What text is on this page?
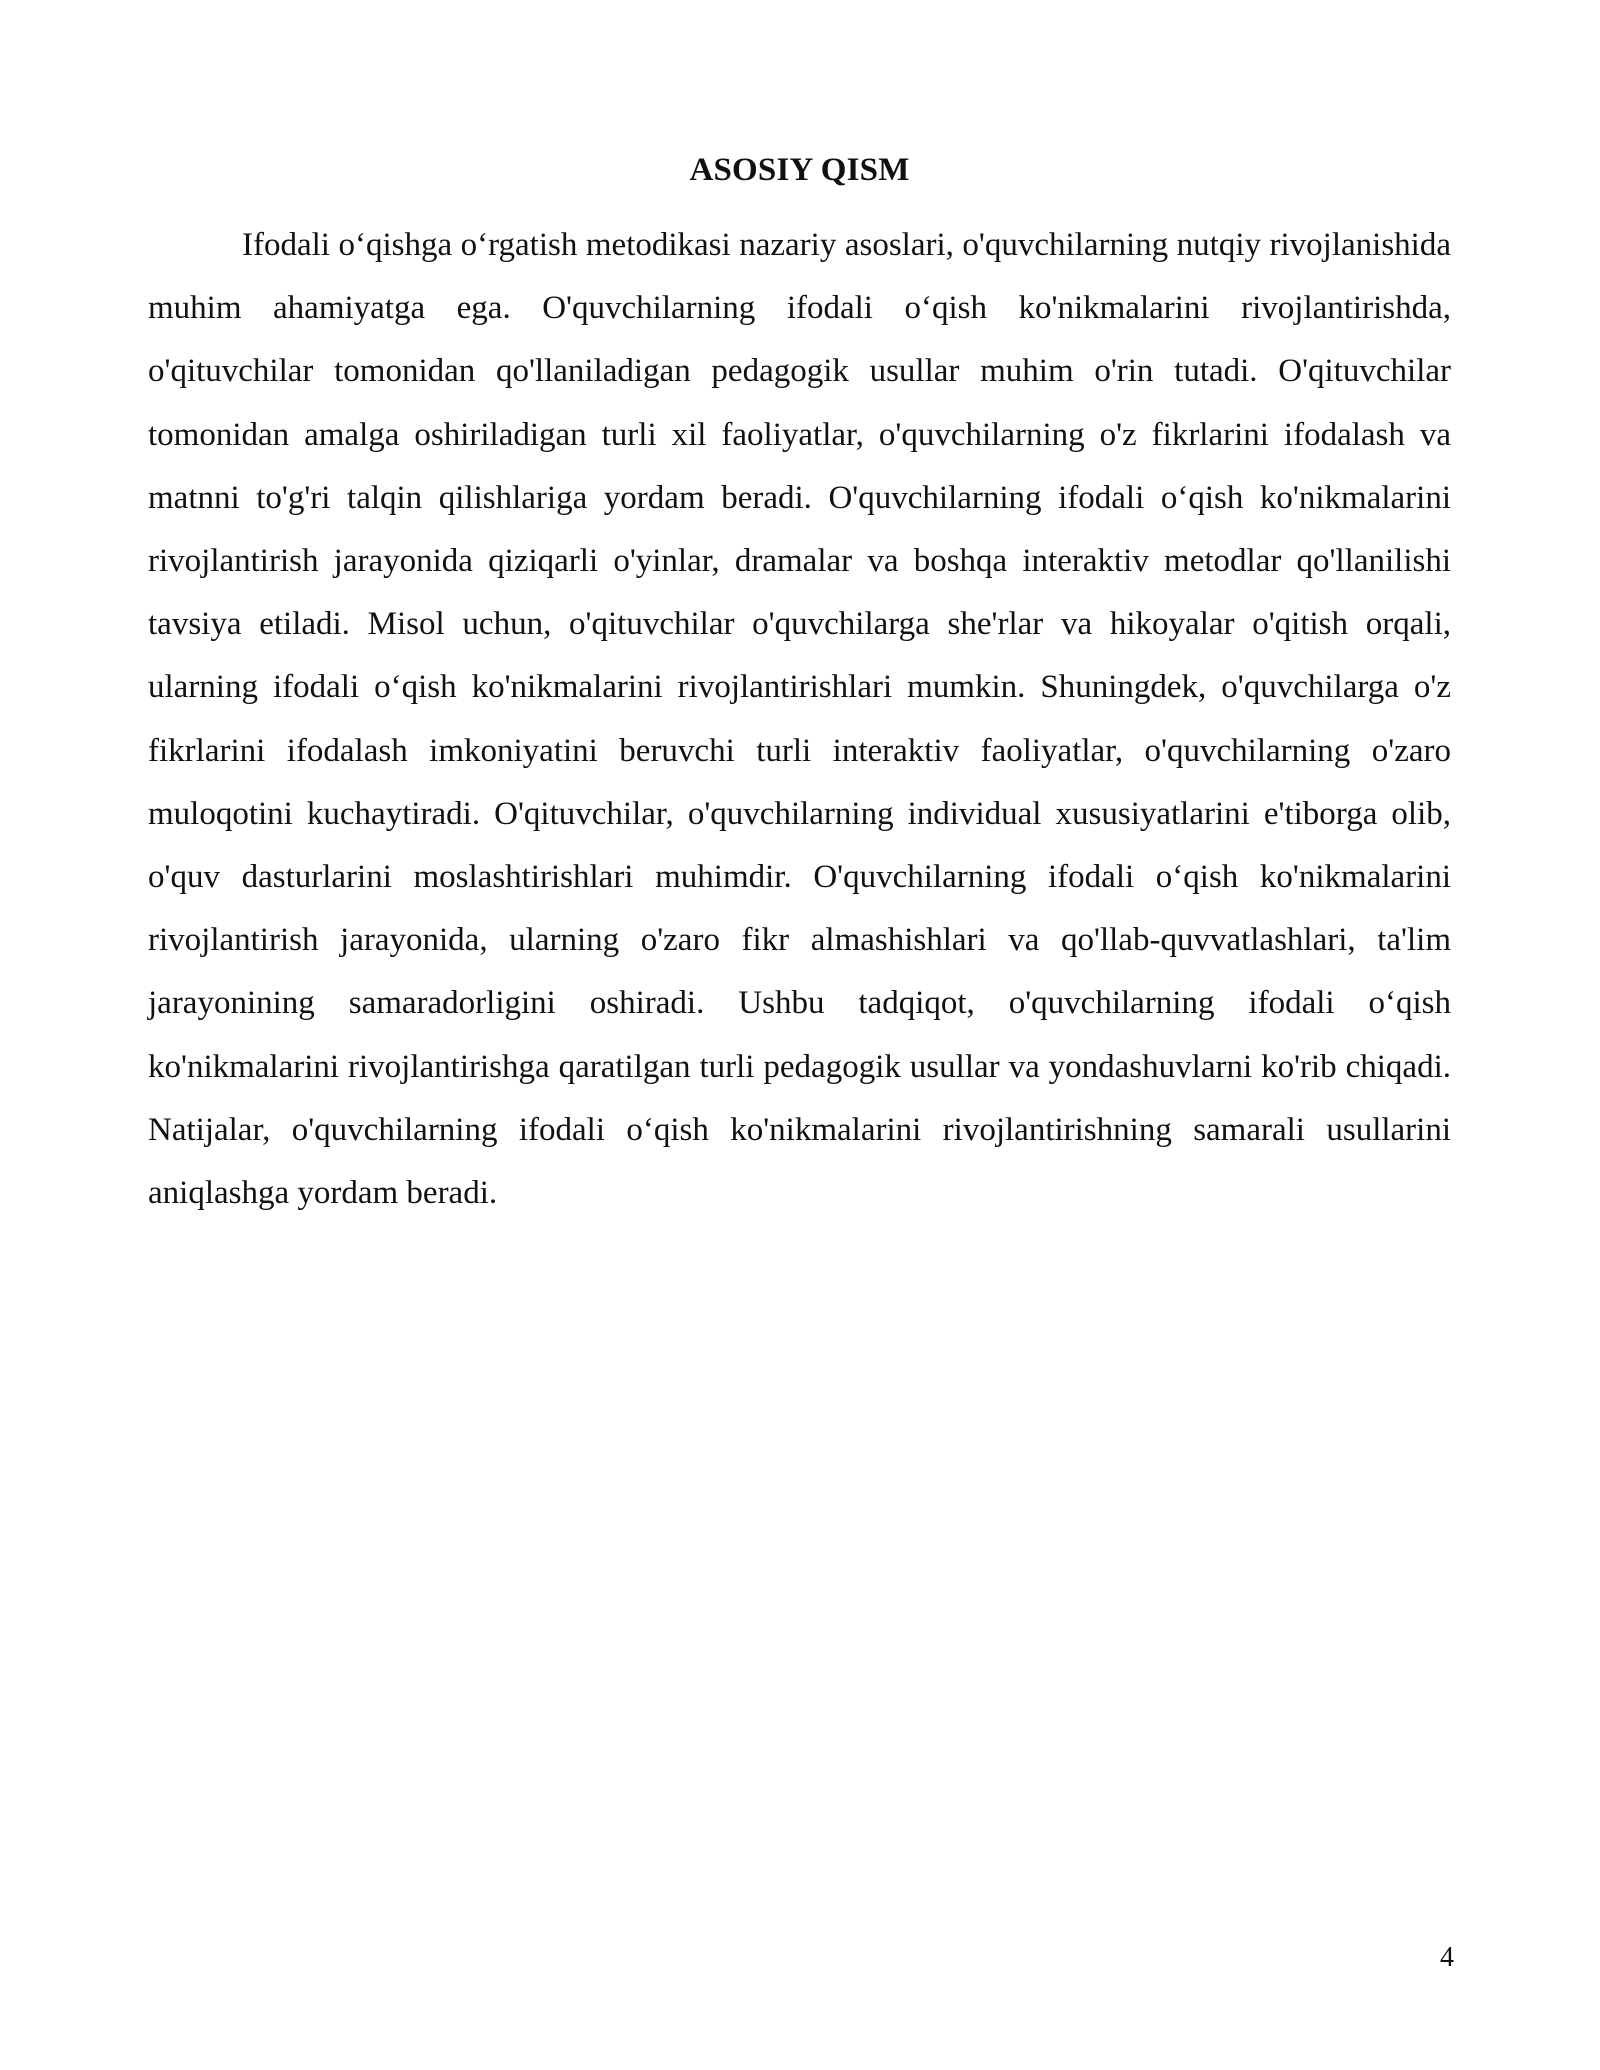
ASOSIY QISM

Ifodali o‘qishga o‘rgatish metodikasi nazariy asoslari, o'quvchilarning nutqiy rivojlanishida muhim ahamiyatga ega. O'quvchilarning ifodali o‘qish ko'nikmalarini rivojlantirishda, o'qituvchilar tomonidan qo'llaniladigan pedagogik usullar muhim o'rin tutadi. O'qituvchilar tomonidan amalga oshiriladigan turli xil faoliyatlar, o'quvchilarning o'z fikrlarini ifodalash va matnni to'g'ri talqin qilishlariga yordam beradi. O'quvchilarning ifodali o‘qish ko'nikmalarini rivojlantirish jarayonida qiziqarli o'yinlar, dramalar va boshqa interaktiv metodlar qo'llanilishi tavsiya etiladi. Misol uchun, o'qituvchilar o'quvchilarga she'rlar va hikoyalar o'qitish orqali, ularning ifodali o‘qish ko'nikmalarini rivojlantirishlari mumkin. Shuningdek, o'quvchilarga o'z fikrlarini ifodalash imkoniyatini beruvchi turli interaktiv faoliyatlar, o'quvchilarning o'zaro muloqotini kuchaytiradi. O'qituvchilar, o'quvchilarning individual xususiyatlarini e'tiborga olib, o'quv dasturlarini moslashtirishlari muhimdir. O'quvchilarning ifodali o‘qish ko'nikmalarini rivojlantirish jarayonida, ularning o'zaro fikr almashishlari va qo'llab-quvvatlashlari, ta'lim jarayonining samaradorligini oshiradi. Ushbu tadqiqot, o'quvchilarning ifodali o‘qish ko'nikmalarini rivojlantirishga qaratilgan turli pedagogik usullar va yondashuvlarni ko'rib chiqadi. Natijalar, o'quvchilarning ifodali o‘qish ko'nikmalarini rivojlantirishning samarali usullarini aniqlashga yordam beradi.

4
